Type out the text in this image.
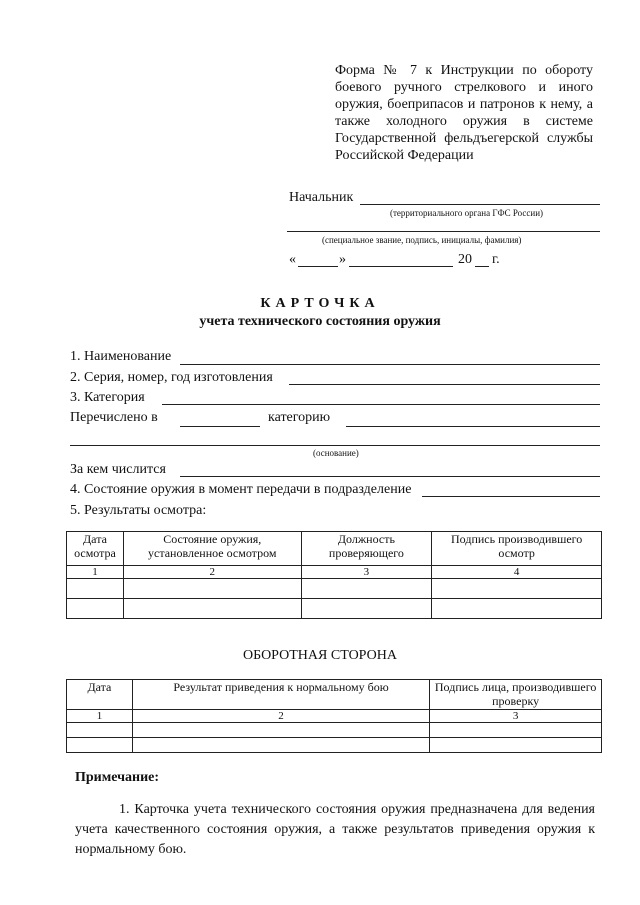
Форма № 7 к Инструкции по обороту боевого ручного стрелкового и иного оружия, боеприпасов и патронов к нему, а также холодного оружия в системе Государственной фельдъегерской службы Российской Федерации
Начальник
(территориального органа ГФС России)
(специальное звание, подпись, инициалы, фамилия)
«	»	20 г.
КАРТОЧКА
учета технического состояния оружия
1. Наименование
2. Серия, номер, год изготовления
3. Категория
Перечислено в	категорию
(основание)
За кем числится
4. Состояние оружия в момент передачи в подразделение
5. Результаты осмотра:
Дата осмотра	Состояние оружия, установленное осмотром	Должность проверяющего	Подпись производившего осмотр
1	2	3	4

ОБОРОТНАЯ СТОРОНА
Дата	Результат приведения к нормальному бою	Подпись лица, производившего проверку
1	2	3

Примечание:
1. Карточка учета технического состояния оружия предназначена для ведения учета качественного состояния оружия, а также результатов приведения оружия к нормальному бою.
